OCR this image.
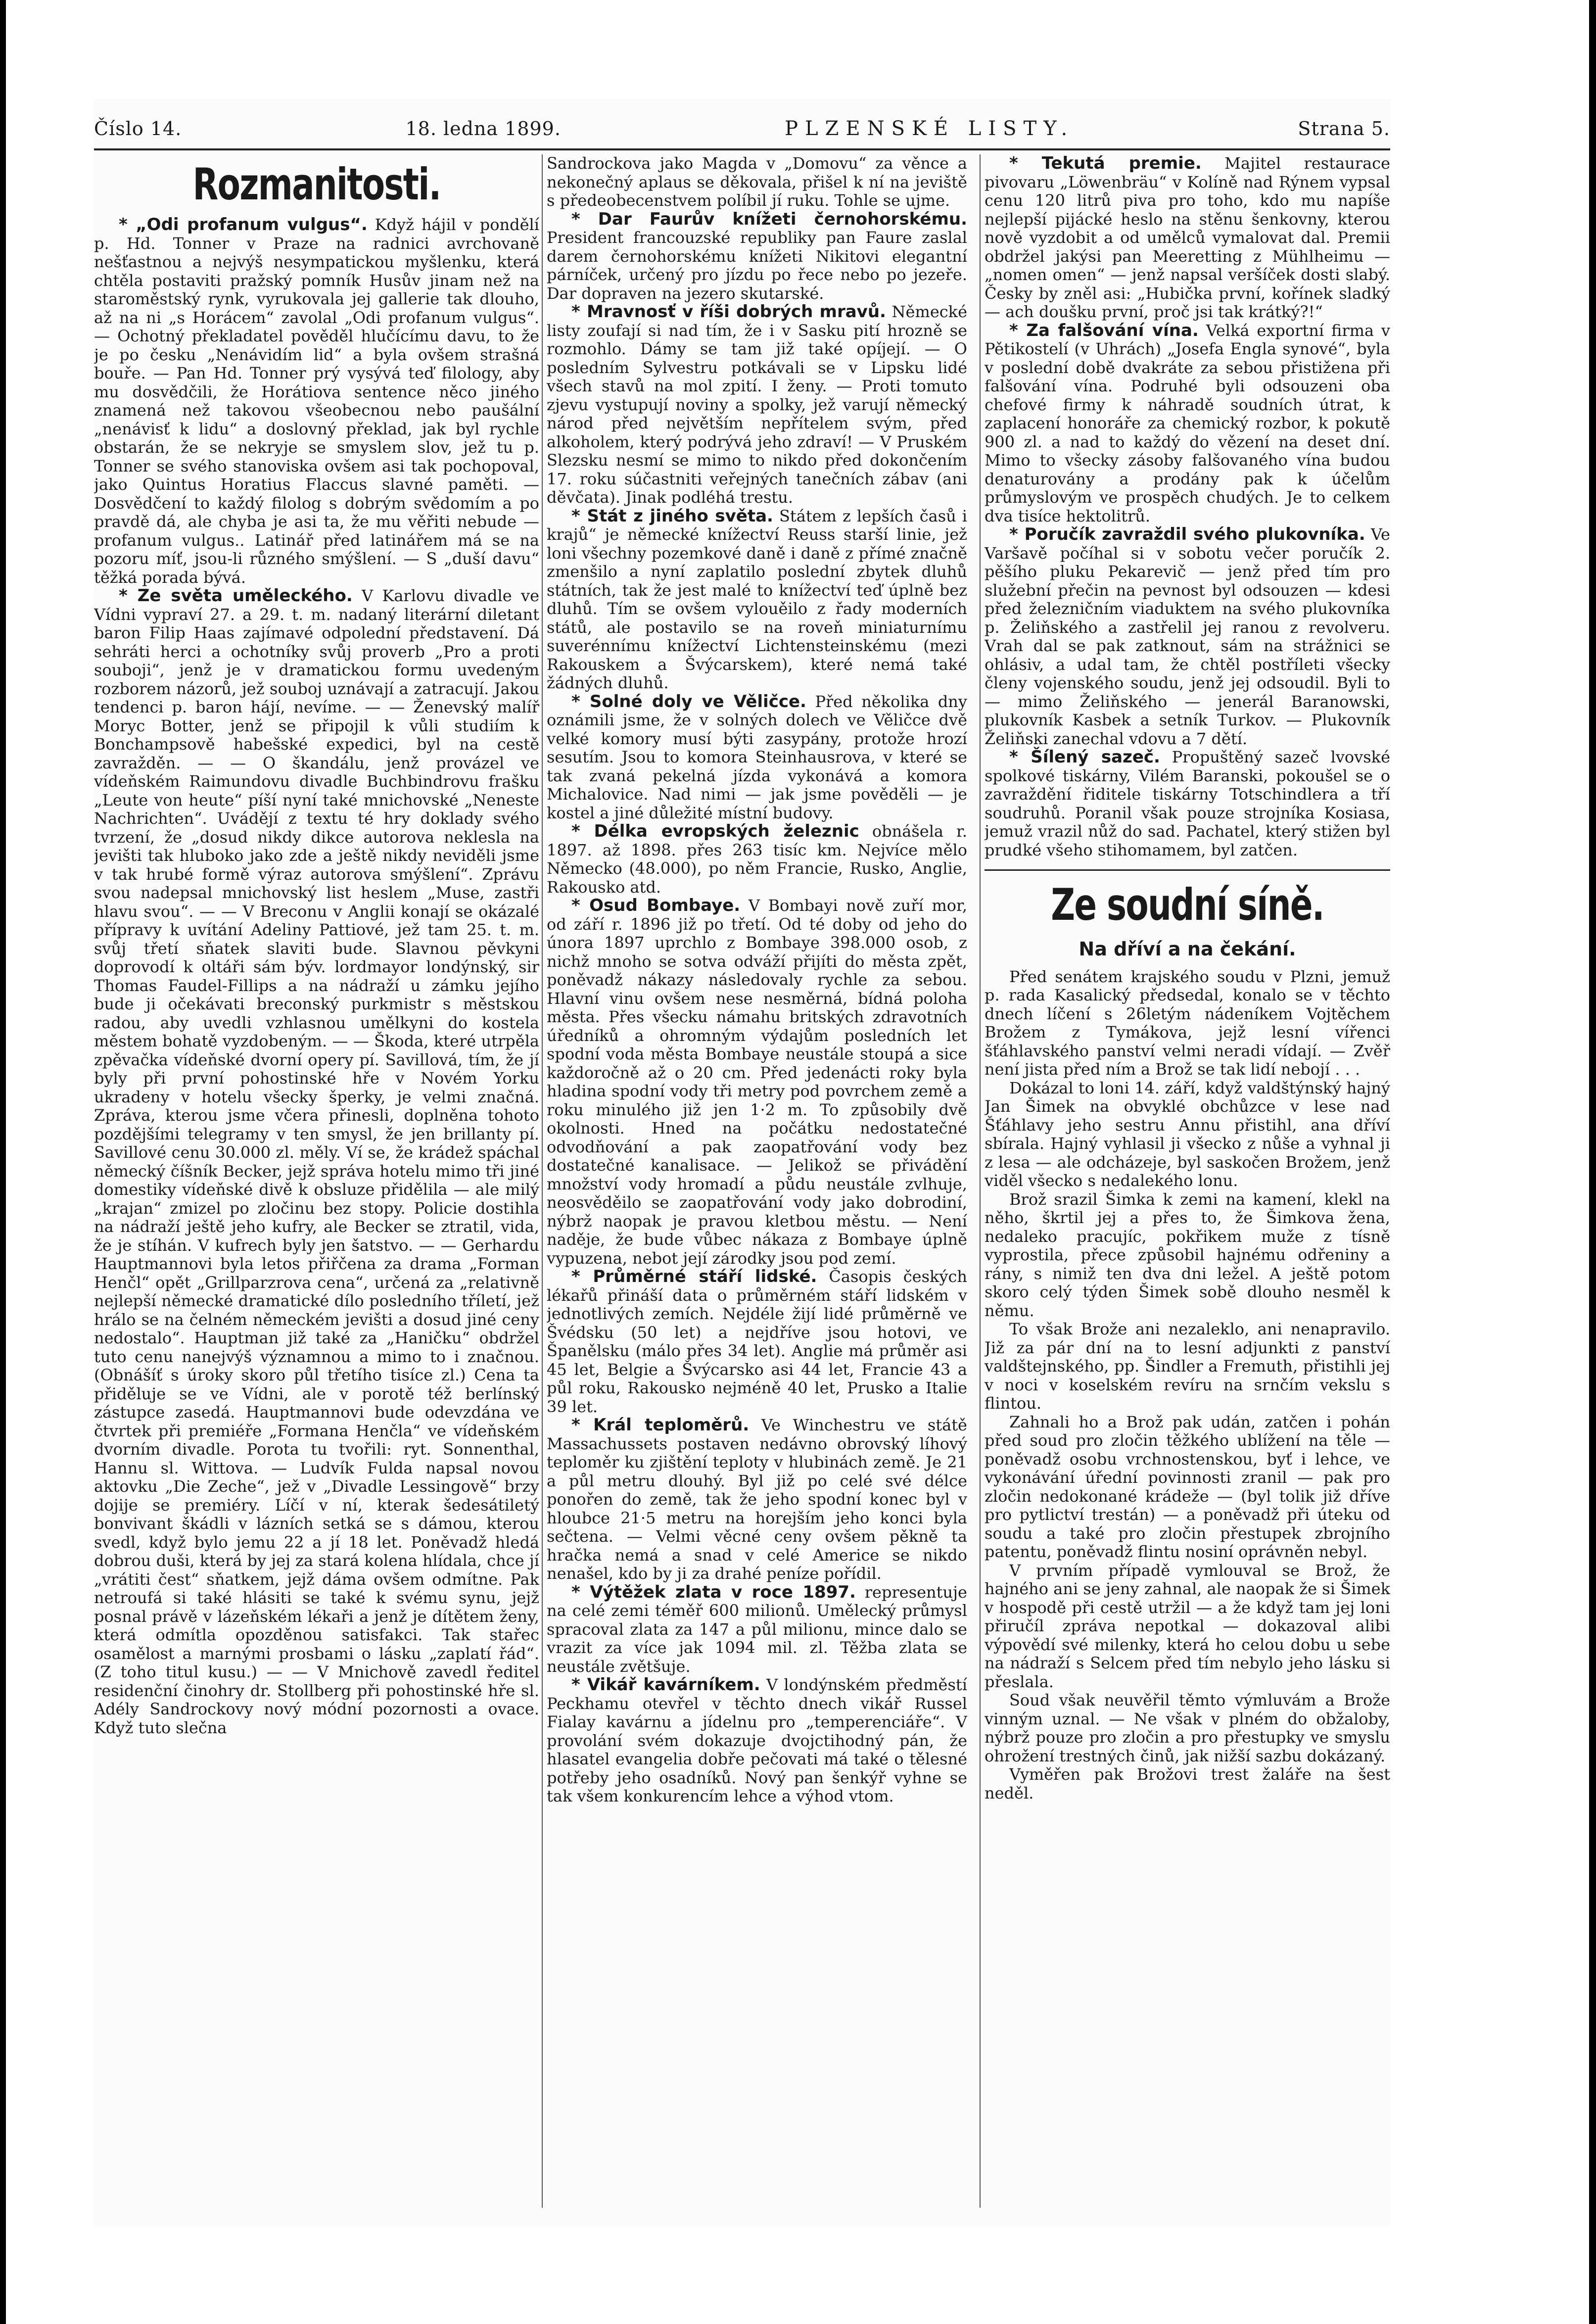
Číslo 14.	18. ledna 1899.	PLZENSKÉ LISTY.	Strana 5.
Rozmanitosti.

* „Odi profanum vulgus“. Když hájil v pondělí p. Hd. Tonner v Praze na radnici avrchovaně nešťastnou a nejvýš nesympatickou myšlenku, která chtěla postaviti pražský pomník Husův jinam než na staroměstský rynk, vyrukovala jej gallerie tak dlouho, až na ni „s Horácem“ zavolal „Odi profanum vulgus“. — Ochotný překladatel pověděl hlučícímu davu, to že je po česku „Nenávidím lid“ a byla ovšem strašná bouře. — Pan Hd. Tonner prý vysývá teď filology, aby mu dosvědčili, že Horátiova sentence něco jiného znamená než takovou všeobecnou nebo paušální „nenávisť k lidu“ a doslovný překlad, jak byl rychle obstarán, že se nekryje se smyslem slov, jež tu p. Tonner se svého stanoviska ovšem asi tak pochopoval, jako Quintus Horatius Flaccus slavné paměti. — Dosvědčení to každý filolog s dobrým svědomím a po pravdě dá, ale chyba je asi ta, že mu věřiti nebude — profanum vulgus.. Latinář před latinářem má se na pozoru míť, jsou-li různého smýšlení. — S „duší davu“ těžká porada bývá.

* Ze světa uměleckého. V Karlovu divadle ve Vídni vypraví 27. a 29. t. m. nadaný literární diletant baron Filip Haas zajímavé odpolední představení. Dá sehráti herci a ochotníky svůj proverb „Pro a proti souboji“, jenž je v dramatickou formu uvedeným rozborem názorů, jež souboj uznávají a zatracují. Jakou tendenci p. baron hájí, nevíme. — — Ženevský malíř Moryc Botter, jenž se připojil k vůli studiím k Bonchampsově habešské expedici, byl na cestě zavražděn. — — O škandálu, jenž provázel ve vídeňském Raimundovu divadle Buchbindrovu frašku „Leute von heute“ píší nyní také mnichovské „Neneste Nachrichten“. Uvádějí z textu té hry doklady svého tvrzení, že „dosud nikdy dikce autorova neklesla na jevišti tak hluboko jako zde a ještě nikdy neviděli jsme v tak hrubé formě výraz autorova smýšlení“. Zprávu svou nadepsal mnichovský list heslem „Muse, zastři hlavu svou“. — — V Breconu v Anglii konají se okázalé přípravy k uvítání Adeliny Pattiové, jež tam 25. t. m. svůj třetí sňatek slaviti bude. Slavnou pěvkyni doprovodí k oltáři sám býv. lordmayor londýnský, sir Thomas Faudel-Fillips a na nádraží u zámku jejího bude ji očekávati breconský purkmistr s městskou radou, aby uvedli vzhlasnou umělkyni do kostela městem bohatě vyzdobeným. — — Škoda, které utrpěla zpěvačka vídeňské dvorní opery pí. Savillová, tím, že jí byly při první pohostinské hře v Novém Yorku ukradeny v hotelu všecky šperky, je velmi značná. Zpráva, kterou jsme včera přinesli, doplněna tohoto pozdějšími telegramy v ten smysl, že jen brillanty pí. Savillové cenu 30.000 zl. měly. Ví se, že krádež spáchal německý číšník Becker, jejž správa hotelu mimo tři jiné domestiky vídeňské divě k obsluze přidělila — ale milý „krajan“ zmizel po zločinu bez stopy. Policie dostihla na nádraží ještě jeho kufry, ale Becker se ztratil, vida, že je stíhán. V kufrech byly jen šatstvo. — — Gerhardu Hauptmannovi byla letos přiřčena za drama „Forman Henčl“ opět „Grillparzrova cena“, určená za „relativně nejlepší německé dramatické dílo posledního tříletí, jež hrálo se na čelném německém jevišti a dosud jiné ceny nedostalo“. Hauptman již také za „Haničku“ obdržel tuto cenu nanejvýš významnou a mimo to i značnou. (Obnášíť s úroky skoro půl třetího tisíce zl.) Cena ta přiděluje se ve Vídni, ale v porotě též berlínský zástupce zasedá. Hauptmannovi bude odevzdána ve čtvrtek při premiéře „Formana Henčla“ ve vídeňském dvorním divadle. Porota tu tvořili: ryt. Sonnenthal, Hannu sl. Wittova. — Ludvík Fulda napsal novou aktovku „Die Zeche“, jež v „Divadle Lessingově“ brzy dojije se premiéry. Líčí v ní, kterak šedesátiletý bonvivant škádli v lázních setká se s dámou, kterou svedl, když bylo jemu 22 a jí 18 let. Poněvadž hledá dobrou duši, která by jej za stará kolena hlídala, chce jí „vrátiti čest“ sňatkem, jejž dáma ovšem odmítne. Pak netroufá si také hlásiti se také k svému synu, jejž posnal právě v lázeňském lékaři a jenž je dítětem ženy, která odmítla opozděnou satisfakci. Tak stařec osamělost a marnými prosbami o lásku „zaplatí řád“. (Z toho titul kusu.) — — V Mnichově zavedl ředitel residenční činohry dr. Stollberg při pohostinské hře sl. Adély Sandrockovy nový módní pozornosti a ovace. Když tuto slečna

Sandrockova jako Magda v „Domovu“ za věnce a nekonečný aplaus se děkovala, přišel k ní na jeviště s předeobecenstvem políbil jí ruku. Tohle se ujme.

* Dar Faurův knížeti černohorskému. President francouzské republiky pan Faure zaslal darem černohorskému knížeti Nikitovi elegantní párníček, určený pro jízdu po řece nebo po jezeře. Dar dopraven na jezero skutarské.

* Mravnosť v říši dobrých mravů. Německé listy zoufají si nad tím, že i v Sasku pití hrozně se rozmohlo. Dámy se tam již také opíjejí. — O posledním Sylvestru potkávali se v Lipsku lidé všech stavů na mol zpití. I ženy. — Proti tomuto zjevu vystupují noviny a spolky, jež varují německý národ před největším nepřítelem svým, před alkoholem, který podrývá jeho zdraví! — V Pruském Slezsku nesmí se mimo to nikdo před dokončením 17. roku súčastniti veřejných tanečních zábav (ani děvčata). Jinak podléhá trestu.

* Stát z jiného světa. Státem z lepších časů i krajů“ je německé knížectví Reuss starší linie, jež loni všechny pozemkové daně i daně z přímé značně zmenšilo a nyní zaplatilo poslední zbytek dluhů státních, tak že jest malé to knížectví teď úplně bez dluhů. Tím se ovšem vylouěilo z řady moderních států, ale postavilo se na roveň miniaturnímu suverénnímu knížectví Lichtensteinskému (mezi Rakouskem a Švýcarskem), které nemá také žádných dluhů.

* Solné doly ve Věličce. Před několika dny oznámili jsme, že v solných dolech ve Věličce dvě velké komory musí býti zasypány, protože hrozí sesutím. Jsou to komora Steinhausrova, v které se tak zvaná pekelná jízda vykonává a komora Michalovice. Nad nimi — jak jsme pověděli — je kostel a jiné důležité místní budovy.

* Délka evropských železnic obnášela r. 1897. až 1898. přes 263 tisíc km. Nejvíce mělo Německo (48.000), po něm Francie, Rusko, Anglie, Rakousko atd.

* Osud Bombaye. V Bombayi nově zuří mor, od září r. 1896 již po třetí. Od té doby od jeho do února 1897 uprchlo z Bombaye 398.000 osob, z nichž mnoho se sotva odváží přijíti do města zpět, poněvadž nákazy následovaly rychle za sebou. Hlavní vinu ovšem nese nesměrná, bídná poloha města. Přes všecku námahu britských zdravotních úředníků a ohromným výdajům posledních let spodní voda města Bombaye neustále stoupá a sice každoročně až o 20 cm. Před jedenácti roky byla hladina spodní vody tři metry pod povrchem země a roku minulého již jen 1·2 m. To způsobily dvě okolnosti. Hned na počátku nedostatečné odvodňování a pak zaopatřování vody bez dostatečné kanalisace. — Jelikož se přivádění množství vody hromadí a půdu neustále zvlhuje, neosvěděilo se zaopatřování vody jako dobrodiní, nýbrž naopak je pravou kletbou městu. — Není naděje, že bude vůbec nákaza z Bombaye úplně vypuzena, nebot její zárodky jsou pod zemí.

* Průměrné stáří lidské. Časopis českých lékařů přináší data o průměrném stáří lidském v jednotlivých zemích. Nejdéle žijí lidé průměrně ve Švédsku (50 let) a nejdříve jsou hotovi, ve Španělsku (málo přes 34 let). Anglie má průměr asi 45 let, Belgie a Švýcarsko asi 44 let, Francie 43 a půl roku, Rakousko nejméně 40 let, Prusko a Italie 39 let.

* Král teploměrů. Ve Winchestru ve státě Massachussets postaven nedávno obrovský líhový teploměr ku zjištění teploty v hlubinách země. Je 21 a půl metru dlouhý. Byl již po celé své délce ponořen do země, tak že jeho spodní konec byl v hloubce 21·5 metru na horejším jeho konci byla sečtena. — Velmi věcné ceny ovšem pěkně ta hračka nemá a snad v celé Americe se nikdo nenašel, kdo by ji za drahé peníze pořídil.

* Výtěžek zlata v roce 1897. representuje na celé zemi téměř 600 milionů. Umělecký průmysl spracoval zlata za 147 a půl milionu, mince dalo se vrazit za více jak 1094 mil. zl. Těžba zlata se neustále zvětšuje.

* Vikář kavárníkem. V londýnském předměstí Peckhamu otevřel v těchto dnech vikář Russel Fialay kavárnu a jídelnu pro „temperenciáře“. V provolání svém dokazuje dvojctihodný pán, že hlasatel evangelia dobře pečovati má také o tělesné potřeby jeho osadníků. Nový pan šenkýř vyhne se tak všem konkurencím lehce a výhod vtom.

* Tekutá premie. Majitel restaurace pivovaru „Löwenbräu“ v Kolíně nad Rýnem vypsal cenu 120 litrů piva pro toho, kdo mu napíše nejlepší pijácké heslo na stěnu šenkovny, kterou nově vyzdobit a od umělců vymalovat dal. Premii obdržel jakýsi pan Meeretting z Mühlheimu — „nomen omen“ — jenž napsal veršíček dosti slabý. Česky by zněl asi: „Hubička první, kořínek sladký — ach doušku první, proč jsi tak krátký?!“

* Za falšování vína. Velká exportní firma v Pětikostelí (v Uhrách) „Josefa Engla synové“, byla v poslední době dvakráte za sebou přistižena při falšování vína. Podruhé byli odsouzeni oba chefové firmy k náhradě soudních útrat, k zaplacení honoráře za chemický rozbor, k pokutě 900 zl. a nad to každý do vězení na deset dní. Mimo to všecky zásoby falšovaného vína budou denaturovány a prodány pak k účelům průmyslovým ve prospěch chudých. Je to celkem dva tisíce hektolitrů.

* Poručík zavraždil svého plukovníka. Ve Varšavě počíhal si v sobotu večer poručík 2. pěšího pluku Pekarevič — jenž před tím pro služební přečin na pevnost byl odsouzen — kdesi před železničním viaduktem na svého plukovníka p. Želiňského a zastřelil jej ranou z revolveru. Vrah dal se pak zatknout, sám na strážnici se ohlásiv, a udal tam, že chtěl postříleti všecky členy vojenského soudu, jenž jej odsoudil. Byli to — mimo Želiňského — jenerál Baranowski, plukovník Kasbek a setník Turkov. — Plukovník Želiňski zanechal vdovu a 7 dětí.

* Šílený sazeč. Propuštěný sazeč lvovské spolkové tiskárny, Vilém Baranski, pokoušel se o zavraždění řiditele tiskárny Totschindlera a tří soudruhů. Poranil však pouze strojníka Kosiasa, jemuž vrazil nůž do sad. Pachatel, který stižen byl prudké všeho stihomamem, byl zatčen.

Ze soudní síně.
Na dříví a na čekání.

Před senátem krajského soudu v Plzni, jemuž p. rada Kasalický předsedal, konalo se v těchto dnech líčení s 26letým nádeníkem Vojtěchem Brožem z Tymákova, jejž lesní vířenci šťáhlavského panství velmi neradi vídají. — Zvěř není jista před ním a Brož se tak lidí nebojí . . .

Dokázal to loni 14. září, když valdštýnský hajný Jan Šimek na obvyklé obchůzce v lese nad Šťáhlavy jeho sestru Annu přistihl, ana dříví sbírala. Hajný vyhlasil ji všecko z nůše a vyhnal ji z lesa — ale odcházeje, byl saskočen Brožem, jenž viděl všecko s nedalekého lonu.

Brož srazil Šimka k zemi na kamení, klekl na něho, škrtil jej a přes to, že Šimkova žena, nedaleko pracujíc, pokřikem muže z tísně vyprostila, přece způsobil hajnému odřeniny a rány, s nimiž ten dva dni ležel. A ještě potom skoro celý týden Šimek sobě dlouho nesměl k němu.

To však Brože ani nezaleklo, ani nenapravilo. Již za pár dní na to lesní adjunkti z panství valdštejnského, pp. Šindler a Fremuth, přistihli jej v noci v koselském revíru na srnčím vekslu s flintou.

Zahnali ho a Brož pak udán, zatčen i pohán před soud pro zločin těžkého ublížení na těle — poněvadž osobu vrchnostenskou, byť i lehce, ve vykonávání úřední povinnosti zranil — pak pro zločin nedokonané krádeže — (byl tolik již dříve pro pytlictví trestán) — a poněvadž při úteku od soudu a také pro zločin přestupek zbrojního patentu, poněvadž flintu nosiní oprávněn nebyl.

V prvním případě vymlouval se Brož, že hajného ani se jeny zahnal, ale naopak že si Šimek v hospodě při cestě utržil — a že když tam jej loni přiručíl zpráva nepotkal — dokazoval alibi výpovědí své milenky, která ho celou dobu u sebe na nádraží s Selcem před tím nebylo jeho lásku si přeslala.

Soud však neuvěřil těmto výmluvám a Brože vinným uznal. — Ne však v plném do obžaloby, nýbrž pouze pro zločin a pro přestupky ve smyslu ohrožení trestných činů, jak nižší sazbu dokázaný.

Vyměřen pak Brožovi trest žaláře na šest neděl.
